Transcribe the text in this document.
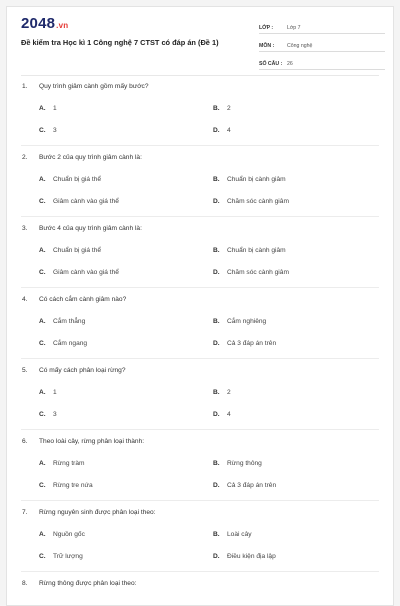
2048.vn
Đề kiểm tra Học kì 1 Công nghệ 7 CTST có đáp án (Đề 1)
LỚP :	Lớp 7
MÔN :	Công nghệ
SỐ CÂU : 26
1.	Quy trình giâm cành gồm mấy bước?
A.	1	B.	2
C.	3	D.	4
2.	Bước 2 của quy trình giâm cành là:
A.	Chuẩn bị giá thể	B.	Chuẩn bị cành giâm
C.	Giâm cành vào giá thể	D.	Chăm sóc cành giâm
3.	Bước 4 của quy trình giâm cành là:
A.	Chuẩn bị giá thể	B.	Chuẩn bị cành giâm
C.	Giâm cành vào giá thể	D.	Chăm sóc cành giâm
4.	Có cách cắm cành giâm nào?
A.	Cắm thẳng	B.	Cắm nghiêng
C.	Cắm ngang	D.	Cả 3 đáp án trên
5.	Có mấy cách phân loại rừng?
A.	1	B.	2
C.	3	D.	4
6.	Theo loài cây, rừng phân loại thành:
A.	Rừng tràm	B.	Rừng thông
C.	Rừng tre nứa	D.	Cả 3 đáp án trên
7.	Rừng nguyên sinh được phân loại theo:
A.	Nguồn gốc	B.	Loài cây
C.	Trữ lượng	D.	Điều kiện địa lập
8.	Rừng thông được phân loại theo:
